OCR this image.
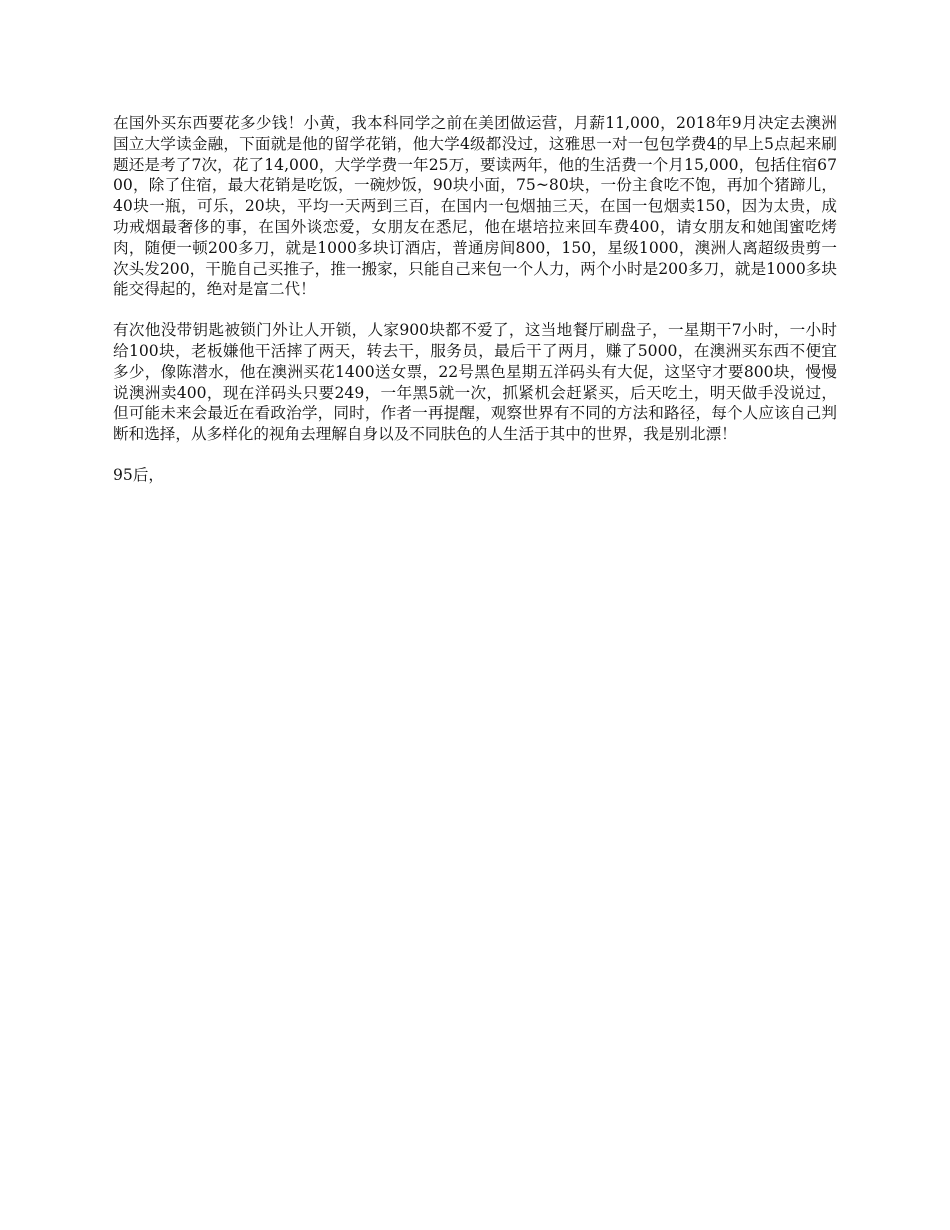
在国外买东西要花多少钱！小黄，我本科同学之前在美团做运营，月薪11,000，2018年9月决定去澳洲国立大学读金融，下面就是他的留学花销，他大学4级都没过，这雅思一对一包包学费4的早上5点起来刷题还是考了7次，花了14,000，大学学费一年25万，要读两年，他的生活费一个月15,000，包括住宿6700，除了住宿，最大花销是吃饭，一碗炒饭，90块小面，75~80块，一份主食吃不饱，再加个猪蹄儿，40块一瓶，可乐，20块，平均一天两到三百，在国内一包烟抽三天，在国一包烟卖150，因为太贵，成功戒烟最奢侈的事，在国外谈恋爱，女朋友在悉尼，他在堪培拉来回车费400，请女朋友和她闺蜜吃烤肉，随便一顿200多刀，就是1000多块订酒店，普通房间800，150，星级1000，澳洲人离超级贵剪一次头发200，干脆自己买推子，推一搬家，只能自己来包一个人力，两个小时是200多刀，就是1000多块能交得起的，绝对是富二代！

有次他没带钥匙被锁门外让人开锁，人家900块都不爱了，这当地餐厅刷盘子，一星期干7小时，一小时给100块，老板嫌他干活摔了两天，转去干，服务员，最后干了两月，赚了5000，在澳洲买东西不便宜多少，像陈潜水，他在澳洲买花1400送女票，22号黑色星期五洋码头有大促，这坚守才要800块，慢慢说澳洲卖400，现在洋码头只要249，一年黑5就一次，抓紧机会赶紧买，后天吃土，明天做手没说过，但可能未来会最近在看政治学，同时，作者一再提醒，观察世界有不同的方法和路径，每个人应该自己判断和选择，从多样化的视角去理解自身以及不同肤色的人生活于其中的世界，我是别北漂！

95后，
